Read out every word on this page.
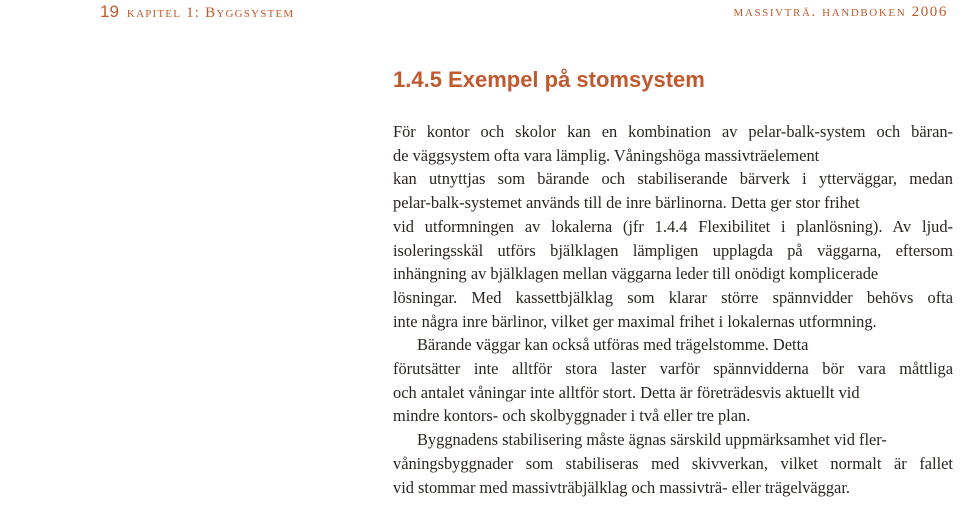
19 kapitel 1: Byggsystem	massivträ. handboken 2006
1.4.5 Exempel på stomsystem

För kontor och skolor kan en kombination av pelar-balk-system och bäran-
de väggsystem ofta vara lämplig. Våningshöga massivträelement
kan utnyttjas som bärande och stabiliserande bärverk i ytterväggar, medan
pelar-balk-systemet används till de inre bärlinorna. Detta ger stor frihet
vid utformningen av lokalerna (jfr 1.4.4 Flexibilitet i planlösning). Av ljud-
isoleringsskäl utförs bjälklagen lämpligen upplagda på väggarna, eftersom
inhängning av bjälklagen mellan väggarna leder till onödigt komplicerade
lösningar. Med kassettbjälklag som klarar större spännvidder behövs ofta
inte några inre bärlinor, vilket ger maximal frihet i lokalernas utformning.

Bärande väggar kan också utföras med trägelstomme. Detta
förutsätter inte alltför stora laster varför spännvidderna bör vara måttliga
och antalet våningar inte alltför stort. Detta är företrädesvis aktuellt vid
mindre kontors- och skolbyggnader i två eller tre plan.

Byggnadens stabilisering måste ägnas särskild uppmärksamhet vid fler-
våningsbyggnader som stabiliseras med skivverkan, vilket normalt är fallet
vid stommar med massivträbjälklag och massivträ- eller trägelväggar.
